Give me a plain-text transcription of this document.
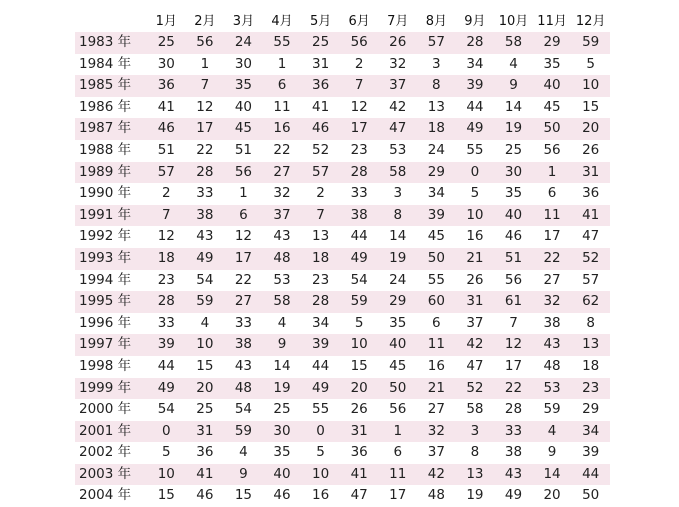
	1月	2月	3月	4月	5月	6月	7月	8月	9月	10月	11月	12月
1983 年	25	56	24	55	25	56	26	57	28	58	29	59
1984 年	30	1	30	1	31	2	32	3	34	4	35	5
1985 年	36	7	35	6	36	7	37	8	39	9	40	10
1986 年	41	12	40	11	41	12	42	13	44	14	45	15
1987 年	46	17	45	16	46	17	47	18	49	19	50	20
1988 年	51	22	51	22	52	23	53	24	55	25	56	26
1989 年	57	28	56	27	57	28	58	29	0	30	1	31
1990 年	2	33	1	32	2	33	3	34	5	35	6	36
1991 年	7	38	6	37	7	38	8	39	10	40	11	41
1992 年	12	43	12	43	13	44	14	45	16	46	17	47
1993 年	18	49	17	48	18	49	19	50	21	51	22	52
1994 年	23	54	22	53	23	54	24	55	26	56	27	57
1995 年	28	59	27	58	28	59	29	60	31	61	32	62
1996 年	33	4	33	4	34	5	35	6	37	7	38	8
1997 年	39	10	38	9	39	10	40	11	42	12	43	13
1998 年	44	15	43	14	44	15	45	16	47	17	48	18
1999 年	49	20	48	19	49	20	50	21	52	22	53	23
2000 年	54	25	54	25	55	26	56	27	58	28	59	29
2001 年	0	31	59	30	0	31	1	32	3	33	4	34
2002 年	5	36	4	35	5	36	6	37	8	38	9	39
2003 年	10	41	9	40	10	41	11	42	13	43	14	44
2004 年	15	46	15	46	16	47	17	48	19	49	20	50
